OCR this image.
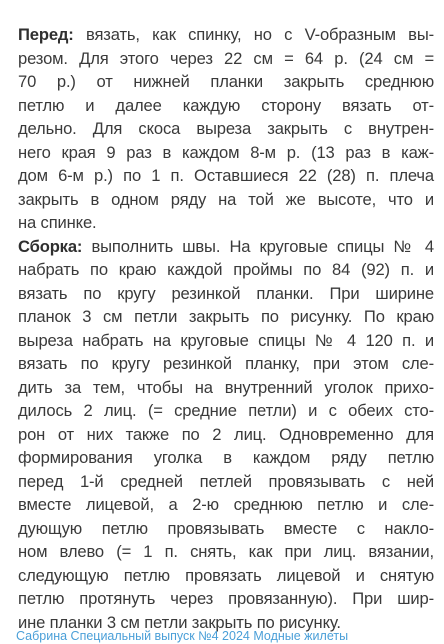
Перед: вязать, как спинку, но с V-образным вы-
резом. Для этого через 22 см = 64 р. (24 см =
70 р.) от нижней планки закрыть среднюю
петлю и далее каждую сторону вязать от-
дельно. Для скоса выреза закрыть с внутрен-
него края 9 раз в каждом 8-м р. (13 раз в каж-
дом 6-м р.) по 1 п. Оставшиеся 22 (28) п. плеча
закрыть в одном ряду на той же высоте, что и
на спинке.
Сборка: выполнить швы. На круговые спицы № 4
набрать по краю каждой проймы по 84 (92) п. и
вязать по кругу резинкой планки. При ширине
планок 3 см петли закрыть по рисунку. По краю
выреза набрать на круговые спицы № 4 120 п. и
вязать по кругу резинкой планку, при этом сле-
дить за тем, чтобы на внутренний уголок прихо-
дилось 2 лиц. (= средние петли) и с обеих сто-
рон от них также по 2 лиц. Одновременно для
формирования уголка в каждом ряду петлю
перед 1-й средней петлей провязывать с ней
вместе лицевой, а 2-ю среднюю петлю и сле-
дующую петлю провязывать вместе с накло-
ном влево (= 1 п. снять, как при лиц. вязании,
следующую петлю провязать лицевой и снятую
петлю протянуть через провязанную). При шир-
ине планки 3 см петли закрыть по рисунку.
Сабрина Специальный выпуск №4 2024 Модные жилеты
